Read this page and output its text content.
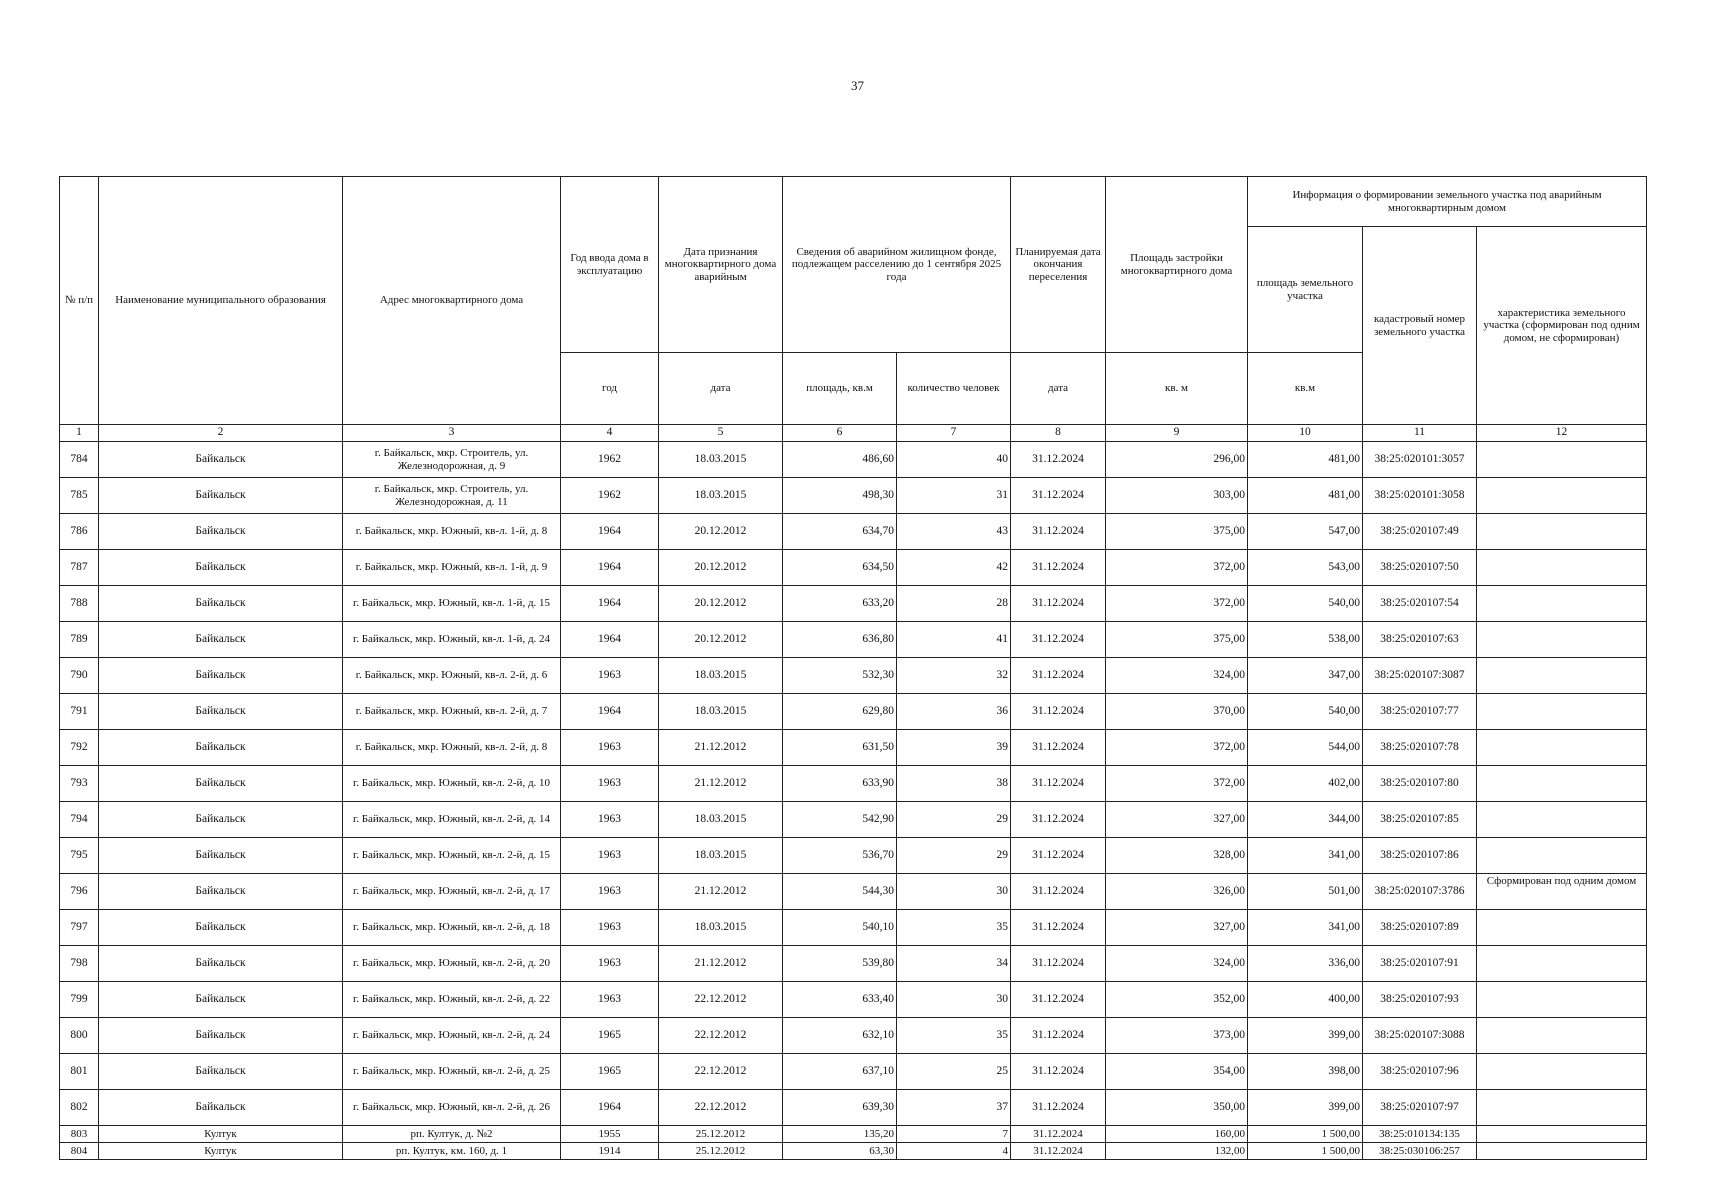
37
№ п/п	Наименование муниципального образования	Адрес многоквартирного дома	Год ввода дома в эксплуатацию	Дата признания многоквартирного дома аварийным	Сведения об аварийном жилищном фонде, подлежащем расселению до 1 сентября 2025 года		Планируемая дата окончания переселения	Площадь застройки многоквартирного дома	Информация о формировании земельного участка под аварийным многоквартирным домом		
									площадь земельного участка	кадастровый номер земельного участка	характеристика земельного участка (сформирован под одним домом, не сформирован)
			год	дата	площадь, кв.м	количество человек	дата	кв. м	кв.м		
1	2	3	4	5	6	7	8	9	10	11	12
784	Байкальск	г. Байкальск, мкр. Строитель, ул. Железнодорожная, д. 9	1962	18.03.2015	486,60	40	31.12.2024	296,00	481,00	38:25:020101:3057	
785	Байкальск	г. Байкальск, мкр. Строитель, ул. Железнодорожная, д. 11	1962	18.03.2015	498,30	31	31.12.2024	303,00	481,00	38:25:020101:3058	
786	Байкальск	г. Байкальск, мкр. Южный, кв-л. 1-й, д. 8	1964	20.12.2012	634,70	43	31.12.2024	375,00	547,00	38:25:020107:49	
787	Байкальск	г. Байкальск, мкр. Южный, кв-л. 1-й, д. 9	1964	20.12.2012	634,50	42	31.12.2024	372,00	543,00	38:25:020107:50	
788	Байкальск	г. Байкальск, мкр. Южный, кв-л. 1-й, д. 15	1964	20.12.2012	633,20	28	31.12.2024	372,00	540,00	38:25:020107:54	
789	Байкальск	г. Байкальск, мкр. Южный, кв-л. 1-й, д. 24	1964	20.12.2012	636,80	41	31.12.2024	375,00	538,00	38:25:020107:63	
790	Байкальск	г. Байкальск, мкр. Южный, кв-л. 2-й, д. 6	1963	18.03.2015	532,30	32	31.12.2024	324,00	347,00	38:25:020107:3087	
791	Байкальск	г. Байкальск, мкр. Южный, кв-л. 2-й, д. 7	1964	18.03.2015	629,80	36	31.12.2024	370,00	540,00	38:25:020107:77	
792	Байкальск	г. Байкальск, мкр. Южный, кв-л. 2-й, д. 8	1963	21.12.2012	631,50	39	31.12.2024	372,00	544,00	38:25:020107:78	
793	Байкальск	г. Байкальск, мкр. Южный, кв-л. 2-й, д. 10	1963	21.12.2012	633,90	38	31.12.2024	372,00	402,00	38:25:020107:80	
794	Байкальск	г. Байкальск, мкр. Южный, кв-л. 2-й, д. 14	1963	18.03.2015	542,90	29	31.12.2024	327,00	344,00	38:25:020107:85	
795	Байкальск	г. Байкальск, мкр. Южный, кв-л. 2-й, д. 15	1963	18.03.2015	536,70	29	31.12.2024	328,00	341,00	38:25:020107:86	
796	Байкальск	г. Байкальск, мкр. Южный, кв-л. 2-й, д. 17	1963	21.12.2012	544,30	30	31.12.2024	326,00	501,00	38:25:020107:3786	Сформирован под одним домом
797	Байкальск	г. Байкальск, мкр. Южный, кв-л. 2-й, д. 18	1963	18.03.2015	540,10	35	31.12.2024	327,00	341,00	38:25:020107:89	
798	Байкальск	г. Байкальск, мкр. Южный, кв-л. 2-й, д. 20	1963	21.12.2012	539,80	34	31.12.2024	324,00	336,00	38:25:020107:91	
799	Байкальск	г. Байкальск, мкр. Южный, кв-л. 2-й, д. 22	1963	22.12.2012	633,40	30	31.12.2024	352,00	400,00	38:25:020107:93	
800	Байкальск	г. Байкальск, мкр. Южный, кв-л. 2-й, д. 24	1965	22.12.2012	632,10	35	31.12.2024	373,00	399,00	38:25:020107:3088	
801	Байкальск	г. Байкальск, мкр. Южный, кв-л. 2-й, д. 25	1965	22.12.2012	637,10	25	31.12.2024	354,00	398,00	38:25:020107:96	
802	Байкальск	г. Байкальск, мкр. Южный, кв-л. 2-й, д. 26	1964	22.12.2012	639,30	37	31.12.2024	350,00	399,00	38:25:020107:97	
803	Култук	рп. Култук, д. №2	1955	25.12.2012	135,20	7	31.12.2024	160,00	1 500,00	38:25:010134:135	
804	Култук	рп. Култук, км. 160, д. 1	1914	25.12.2012	63,30	4	31.12.2024	132,00	1 500,00	38:25:030106:257	
